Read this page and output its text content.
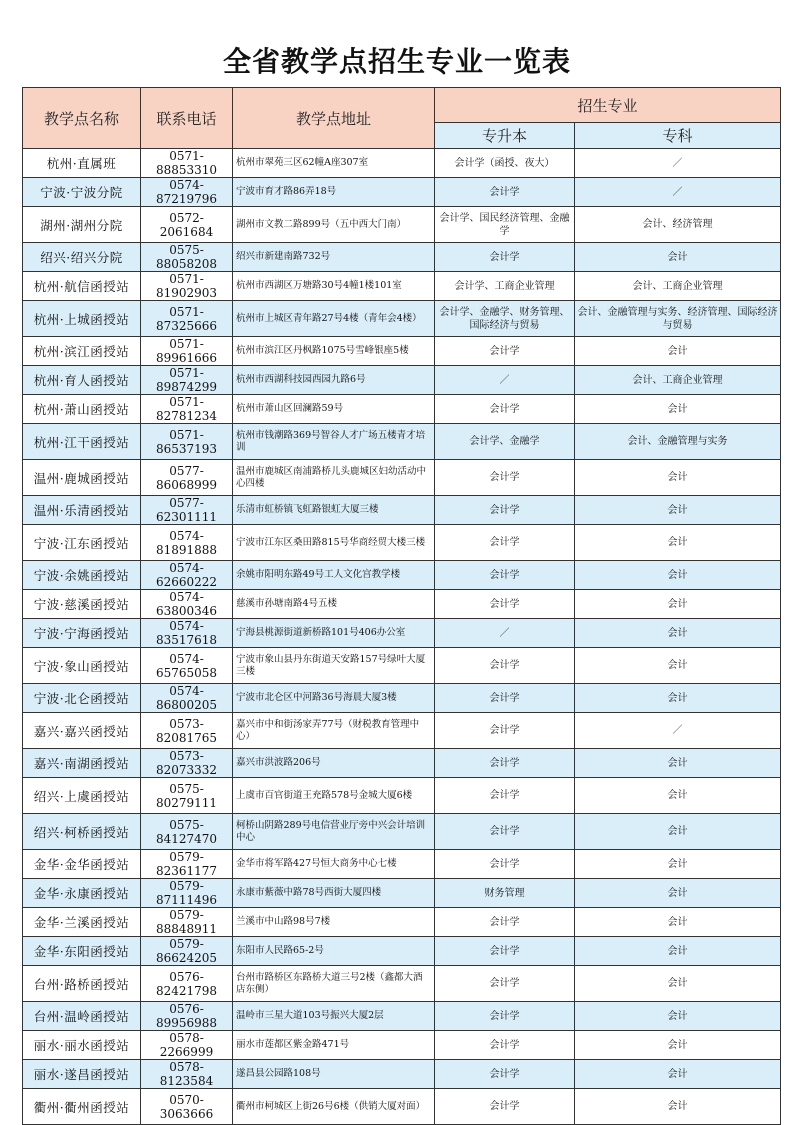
全省教学点招生专业一览表
教学点名称	联系电话	教学点地址	招生专业	
			专升本	专科
杭州·直属班	0571-88853310	杭州市翠苑三区62幢A座307室	会计学（函授、夜大）	／
宁波·宁波分院	0574-87219796	宁波市育才路86弄18号	会计学	／
湖州·湖州分院	0572-2061684	湖州市文教二路899号（五中西大门南）	会计学、国民经济管理、金融学	会计、经济管理
绍兴·绍兴分院	0575-88058208	绍兴市新建南路732号	会计学	会计
杭州·航信函授站	0571-81902903	杭州市西湖区万塘路30号4幢1楼101室	会计学、工商企业管理	会计、工商企业管理
杭州·上城函授站	0571-87325666	杭州市上城区青年路27号4楼（青年会4楼）	会计学、金融学、财务管理、国际经济与贸易	会计、金融管理与实务、经济管理、国际经济与贸易
杭州·滨江函授站	0571-89961666	杭州市滨江区丹枫路1075号雪峰银座5楼	会计学	会计
杭州·育人函授站	0571-89874299	杭州市西湖科技园西园九路6号	／	会计、工商企业管理
杭州·萧山函授站	0571-82781234	杭州市萧山区回澜路59号	会计学	会计
杭州·江干函授站	0571-86537193	杭州市钱潮路369号智谷人才广场五楼青才培训	会计学、金融学	会计、金融管理与实务
温州·鹿城函授站	0577-86068999	温州市鹿城区南浦路桥儿头鹿城区妇幼活动中心四楼	会计学	会计
温州·乐清函授站	0577-62301111	乐清市虹桥镇飞虹路银虹大厦三楼	会计学	会计
宁波·江东函授站	0574-81891888	宁波市江东区桑田路815号华商经贸大楼三楼	会计学	会计
宁波·余姚函授站	0574-62660222	余姚市阳明东路49号工人文化宫教学楼	会计学	会计
宁波·慈溪函授站	0574-63800346	慈溪市孙塘南路4号五楼	会计学	会计
宁波·宁海函授站	0574-83517618	宁海县桃源街道新桥路101号406办公室	／	会计
宁波·象山函授站	0574-65765058	宁波市象山县丹东街道天安路157号绿叶大厦三楼	会计学	会计
宁波·北仑函授站	0574-86800205	宁波市北仑区中河路36号海晨大厦3楼	会计学	会计
嘉兴·嘉兴函授站	0573-82081765	嘉兴市中和街汤家弄77号（财税教育管理中心）	会计学	／
嘉兴·南湖函授站	0573-82073332	嘉兴市洪波路206号	会计学	会计
绍兴·上虞函授站	0575-80279111	上虞市百官街道王充路578号金城大厦6楼	会计学	会计
绍兴·柯桥函授站	0575-84127470	柯桥山阴路289号电信营业厅旁中兴会计培训中心	会计学	会计
金华·金华函授站	0579-82361177	金华市将军路427号恒大商务中心七楼	会计学	会计
金华·永康函授站	0579-87111496	永康市紫薇中路78号西街大厦四楼	财务管理	会计
金华·兰溪函授站	0579-88848911	兰溪市中山路98号7楼	会计学	会计
金华·东阳函授站	0579-86624205	东阳市人民路65-2号	会计学	会计
台州·路桥函授站	0576-82421798	台州市路桥区东路桥大道三号2楼（鑫都大酒店东侧）	会计学	会计
台州·温岭函授站	0576-89956988	温岭市三星大道103号振兴大厦2层	会计学	会计
丽水·丽水函授站	0578-2266999	丽水市莲都区紫金路471号	会计学	会计
丽水·遂昌函授站	0578-8123584	遂昌县公园路108号	会计学	会计
衢州·衢州函授站	0570-3063666	衢州市柯城区上街26号6楼（供销大厦对面）	会计学	会计
